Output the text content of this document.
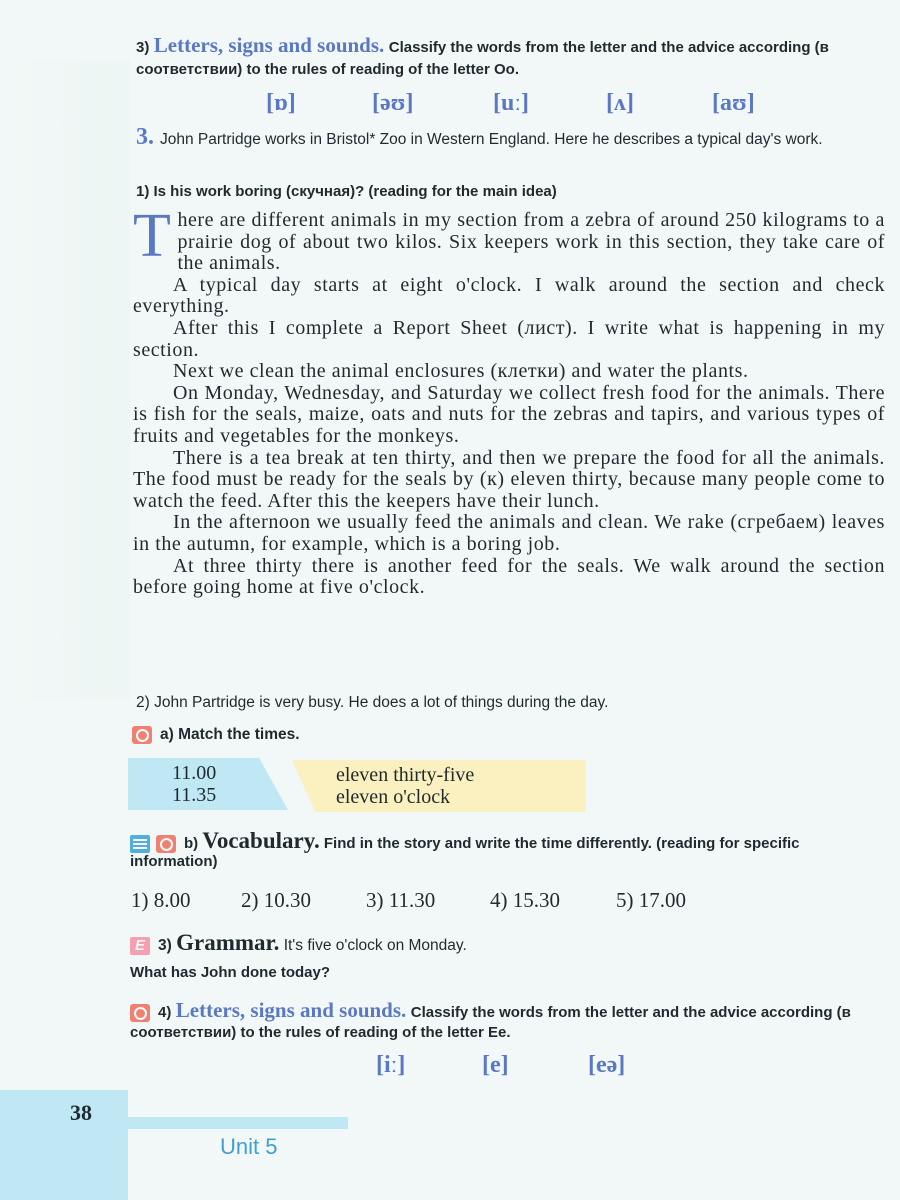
3) Letters, signs and sounds. Classify the words from the letter and the advice according (в соответствии) to the rules of reading of the letter Oo.
[ɒ]	[əʊ]	[uː]	[ʌ]	[aʊ]
3. John Partridge works in Bristol* Zoo in Western England. Here he describes a typical day's work.
1) Is his work boring (скучная)? (reading for the main idea)

There are different animals in my section from a zebra of around 250 kilograms to a prairie dog of about two kilos. Six keepers work in this section, they take care of the animals.

A typical day starts at eight o'clock. I walk around the section and check everything.

After this I complete a Report Sheet (лист). I write what is happening in my section.

Next we clean the animal enclosures (клетки) and water the plants.

On Monday, Wednesday, and Saturday we collect fresh food for the animals. There is fish for the seals, maize, oats and nuts for the zebras and tapirs, and various types of fruits and vegetables for the monkeys.

There is a tea break at ten thirty, and then we prepare the food for all the animals. The food must be ready for the seals by (к) eleven thirty, because many people come to watch the feed. After this the keepers have their lunch.

In the afternoon we usually feed the animals and clean. We rake (сгребаем) leaves in the autumn, for example, which is a boring job.

At three thirty there is another feed for the seals. We walk around the section before going home at five o'clock.

2) John Partridge is very busy. He does a lot of things during the day.
a) Match the times.
11.00
11.35
eleven thirty-five
eleven o'clock
b) Vocabulary. Find in the story and write the time differently. (reading for specific information)
1) 8.00 2) 10.30	3) 11.30	4) 15.30	5) 17.00
E 3) Grammar. It's five o'clock on Monday.
What has John done today?
4) Letters, signs and sounds. Classify the words from the letter and the advice according (в соответствии) to the rules of reading of the letter Ee.
[iː]	[e]	[eə]
38
Unit 5
